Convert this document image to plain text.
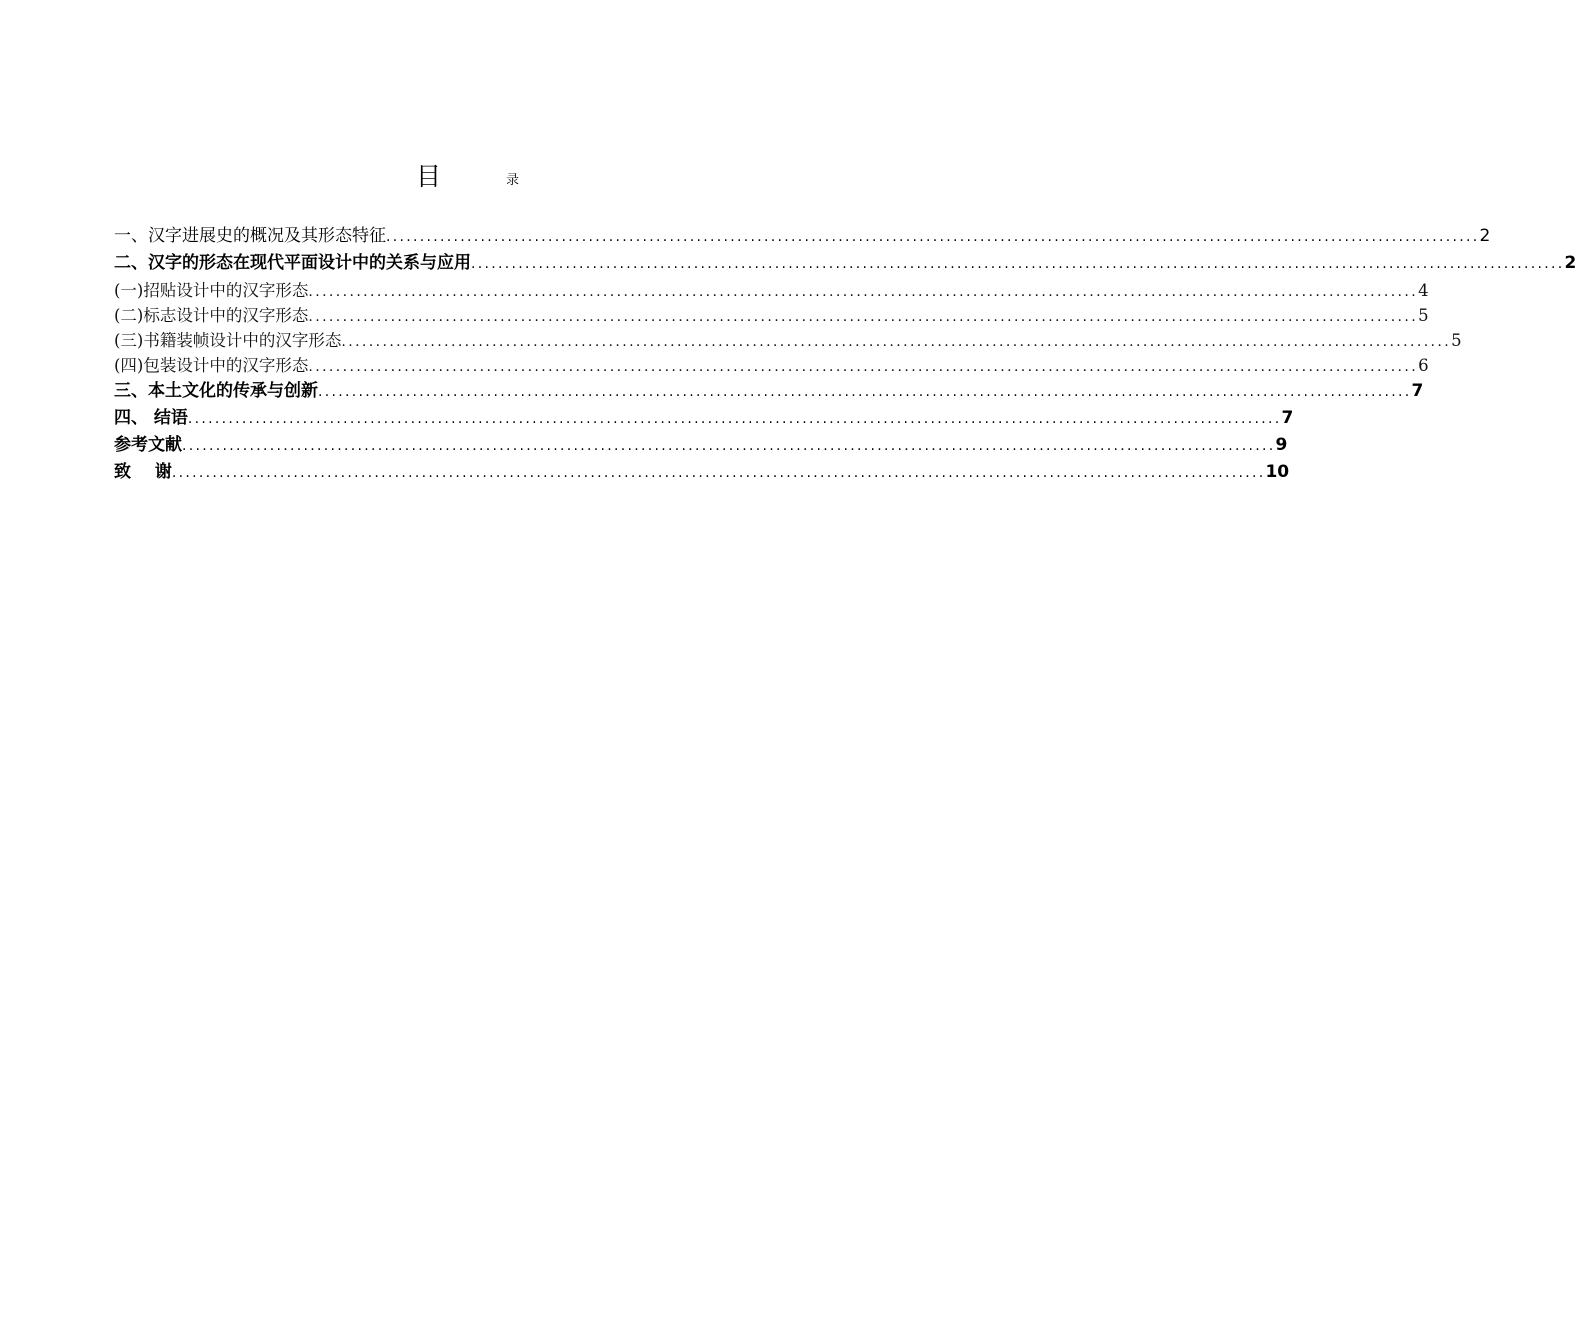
目	录
一、汉字进展史的概况及其形态特征 .................................................................................................................................................................. 2
二、汉字的形态在现代平面设计中的关系与应用 .................................................................................................................................................................. 2
(一)招贴设计中的汉字形态 .................................................................................................................................................................. 4
(二)标志设计中的汉字形态 .................................................................................................................................................................. 5
(三)书籍装帧设计中的汉字形态 .................................................................................................................................................................. 5
(四)包装设计中的汉字形态 .................................................................................................................................................................. 6
三、本土文化的传承与创新 .................................................................................................................................................................. 7
四、 结语 .................................................................................................................................................................. 7
参考文献 .................................................................................................................................................................. 9
致 谢 .................................................................................................................................................................. 10
